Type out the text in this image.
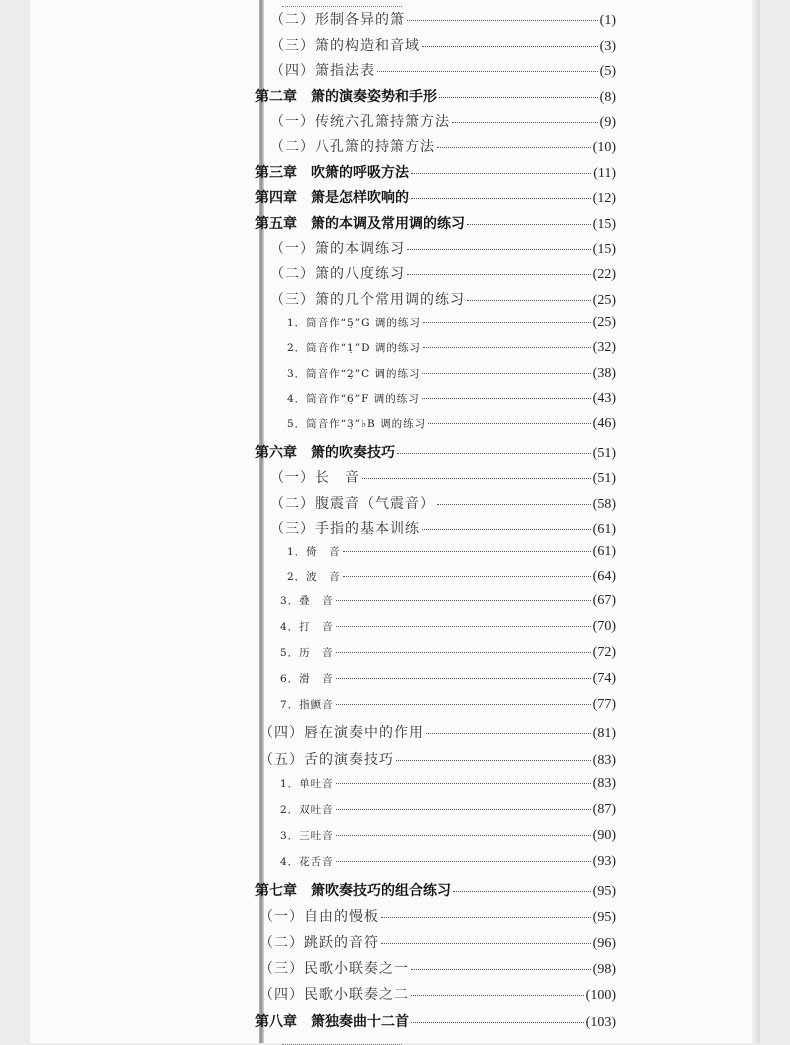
（二）形制各异的箫	(1)
（三）箫的构造和音域	(3)
（四）箫指法表	(5)
第二章　箫的演奏姿势和手形	(8)
（一）传统六孔箫持箫方法	(9)
（二）八孔箫的持箫方法	(10)
第三章　吹箫的呼吸方法	(11)
第四章　箫是怎样吹响的	(12)
第五章　箫的本调及常用调的练习	(15)
（一）箫的本调练习	(15)
（二）箫的八度练习	(22)
（三）箫的几个常用调的练习	(25)
1．筒音作“5̣”G 调的练习	(25)
2．筒音作“1̣”D 调的练习	(32)
3．筒音作“2̣”C 调的练习	(38)
4．筒音作“6̣”F 调的练习	(43)
5．筒音作“3̣”♭B 调的练习	(46)
第六章　箫的吹奏技巧	(51)
（一）长　音	(51)
（二）腹震音（气震音）	(58)
（三）手指的基本训练	(61)
1．倚　音	(61)
2．波　音	(64)
3．叠　音	(67)
4．打　音	(70)
5．历　音	(72)
6．滑　音	(74)
7．指颤音	(77)
（四）唇在演奏中的作用	(81)
（五）舌的演奏技巧	(83)
1．单吐音	(83)
2．双吐音	(87)
3．三吐音	(90)
4．花舌音	(93)
第七章　箫吹奏技巧的组合练习	(95)
（一）自由的慢板	(95)
（二）跳跃的音符	(96)
（三）民歌小联奏之一	(98)
（四）民歌小联奏之二	(100)
第八章　箫独奏曲十二首	(103)
